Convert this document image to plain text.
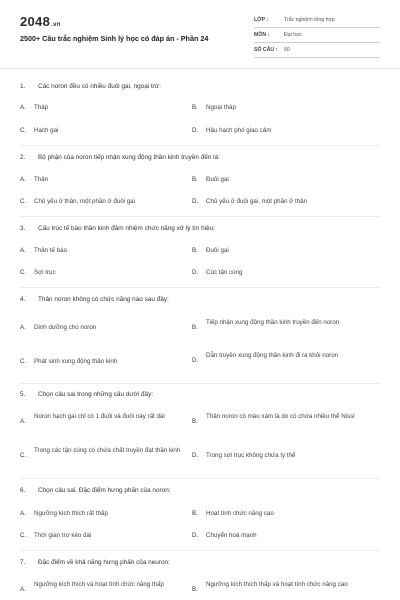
2048.vn
2500+ Câu trắc nghiệm Sinh lý học có đáp án - Phần 24
LỚP :	Trắc nghiệm tổng hợp
MÔN :	Đại học
SỐ CÂU : 50
1. Các noron đều có nhiều đuôi gai, ngoại trừ:
A. Tháp	B. Ngoại tháp
C. Hạch gai	D. Hậu hạch phó giao cảm
2. Bộ phận của noron tiếp nhận xung động thần kinh truyền đến là:
A. Thân	B. Đuôi gai
C. Chủ yếu ở thân, một phần ở đuôi gai	D. Chủ yếu ở đuôi gai, một phần ở thân
3. Cấu trúc tế bào thần kinh đảm nhiệm chức năng xử lý tín hiệu:
A. Thân tế bào	B. Đuôi gai
C. Sợi trục	D. Cúc tận cùng
4. Thân noron không có chức năng nào sau đây:
A. Dinh dưỡng cho noron	B.
Tiếp nhận xung động thần kinh truyền đến noron
C. Phát sinh xung động thần kinh	D.
Dẫn truyền xung động thần kinh đi ra khỏi noron
5. Chọn câu sai trong những câu dưới đây:
A.
Noron hạch gai chỉ có 1 đuôi và đuôi này rất dài
B.
Thân noron có màu xám là do có chứa nhiều thể Nissl
C.
Trong các tận cùng có chứa chất truyền đạt thần kinh
D. Trong sợi trục không chứa ty thể
6. Chọn câu sai. Đặc điểm hưng phấn của noron:
A. Ngưỡng kích thích rất thấp	B. Hoạt tính chức năng cao
C. Thời gian trơ kéo dài	D. Chuyển hoá mạnh
7. Đặc điểm về khả năng hưng phấn của neuron:
A.
Ngưỡng kích thích và hoạt tính chức năng thấp
B.
Ngưỡng kích thích thấp và hoạt tính chức năng cao
